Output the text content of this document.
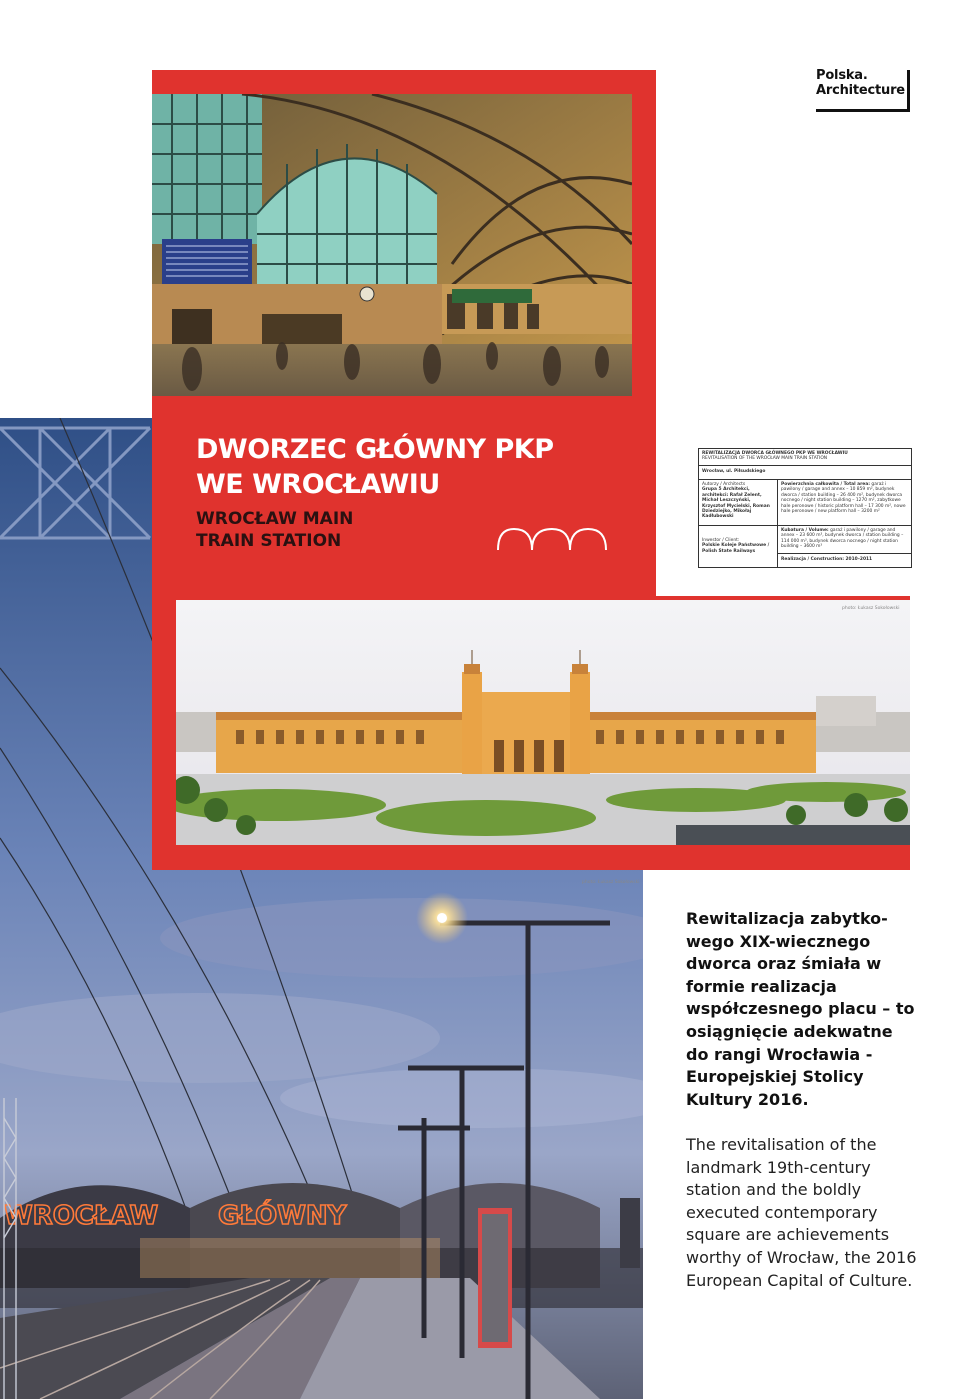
Polska.
Architecture
WROCŁAW GŁÓWNY
photo: Łukasz Sokołowski
DWORZEC GŁÓWNY PKP
WE WROCŁAWIU
WROCŁAW MAIN
TRAIN STATION
REWITALIZACJA DWORCA GŁÓWNEGO PKP WE WROCŁAWIU
REVITALISATION OF THE WROCŁAW MAIN TRAIN STATION
Wrocław, ul. Piłsudskiego
Autorzy / Architects
Grupa 5 Architekci, architekci: Rafał Zelent, Michał Leszczyński, Krzysztof Mycielski, Roman Dziedziejko, Mikołaj Kadłubowski
Powierzchnia całkowita / Total area: garaż i pawilony / garage and annex – 10 859 m², budynek dworca / station building – 26 400 m², budynek dworca nocnego / night station building – 1270 m², zabytkowe hale peronowe / historic platform hall – 17 300 m², nowe hale peronowe / new platform hall – 3200 m²
Inwestor / Client:
Polskie Koleje Państwowe / Polish State Railways
Kubatura / Volume: garaż i pawilony / garage and annex – 23 600 m³, budynek dworca / station building – 114 000 m³, budynek dworca nocnego / night station building – 3600 m³
Realizacja / Construction: 2010–2011
photo: Łukasz Sokołowski

Rewitalizacja zabytko-wego XIX-wiecznego dworca oraz śmiała w formie realizacja współczesnego placu – to osiągnięcie adekwatne do rangi Wrocławia - Europejskiej Stolicy Kultury 2016.

The revitalisation of the landmark 19th-century station and the boldly executed contemporary square are achievements worthy of Wrocław, the 2016 European Capital of Culture.
